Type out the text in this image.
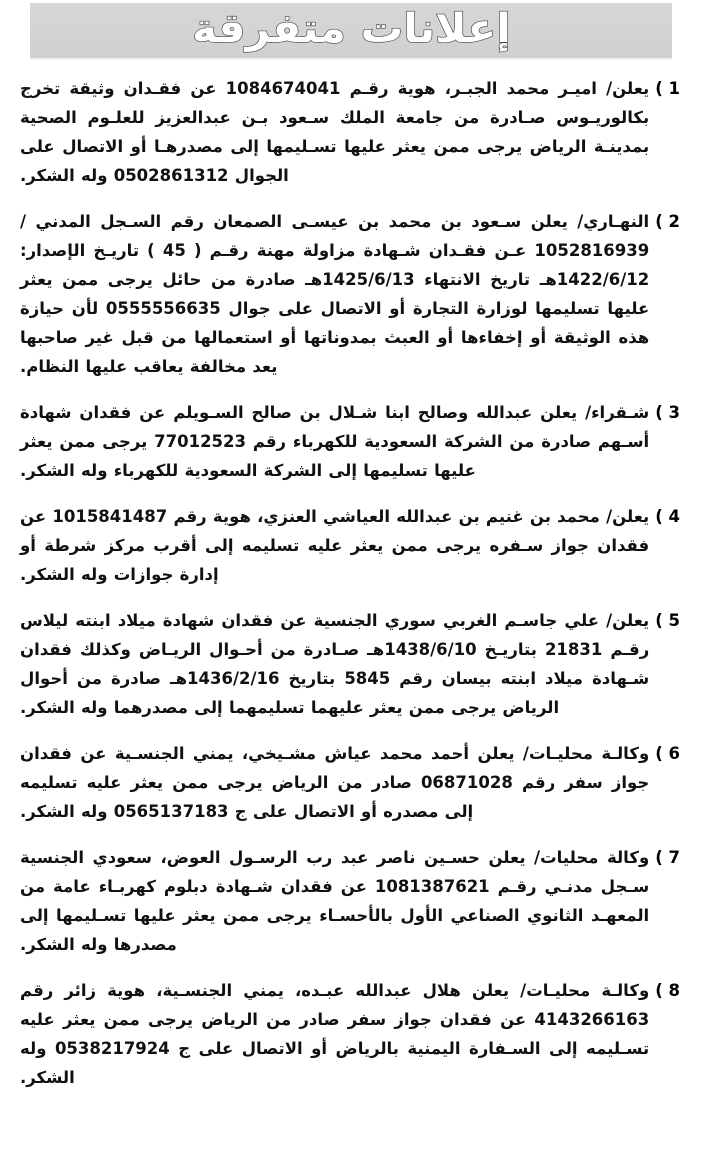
إعلانات متفرقة
1 )
يعلن/ اميـر محمد الجبـر، هوية رقـم 1084674041 عن فقـدان وثيقة تخرج بكالوريـوس صـادرة من جامعة الملك سـعود بـن عبدالعزيز للعلـوم الصحية بمدينـة الرياض يرجى ممن يعثر عليها تسـليمها إلى مصدرهـا أو الاتصال على الجوال 0502861312 وله الشكر.
2 )
النهـاري/ يعلن سـعود بن محمد بن عيسـى الصمعان رقم السـجل المدني / 1052816939 عـن فقـدان شـهادة مزاولة مهنة رقـم ( 45 ) تاريـخ الإصدار: 1422/6/12هـ تاريخ الانتهاء 1425/6/13هـ صادرة من حائل يرجى ممن يعثر عليها تسليمها لوزارة التجارة أو الاتصال على جوال 0555556635 لأن حيازة هذه الوثيقة أو إخفاءها أو العبث بمدوناتها أو استعمالها من قبل غير صاحبها يعد مخالفة يعاقب عليها النظام.
3 )
شـقراء/ يعلن عبدالله وصالح ابنا شـلال بن صالح السـويلم عن فقدان شهادة أسـهم صادرة من الشركة السعودية للكهرباء رقم 77012523 يرجى ممن يعثر عليها تسليمها إلى الشركة السعودية للكهرباء وله الشكر.
4 )
يعلن/ محمد بن غنيم بن عبدالله العياشي العنزي، هوية رقم 1015841487 عن فقدان جواز سـفره يرجى ممن يعثر عليه تسليمه إلى أقرب مركز شرطة أو إدارة جوازات وله الشكر.
5 )
يعلن/ علي جاسـم الغربي سوري الجنسية عن فقدان شهادة ميلاد ابنته ليلاس رقـم 21831 بتاريـخ 1438/6/10هـ صـادرة من أحـوال الريـاض وكذلك فقدان شـهادة ميلاد ابنته بيسان رقم 5845 بتاريخ 1436/2/16هـ صادرة من أحوال الرياض يرجى ممن يعثر عليهما تسليمهما إلى مصدرهما وله الشكر.
6 )
وكالـة محليـات/ يعلن أحمد محمد عياش مشـيخي، يمني الجنسـية عن فقدان جواز سفر رقم 06871028 صادر من الرياض يرجى ممن يعثر عليه تسليمه إلى مصدره أو الاتصال على ج 0565137183 وله الشكر.
7 )
وكالة محليات/ يعلن حسـين ناصر عبد رب الرسـول العوض، سعودي الجنسية سـجل مدنـي رقـم 1081387621 عن فقدان شـهادة دبلوم كهربـاء عامة من المعهـد الثانوي الصناعي الأول بالأحسـاء يرجى ممن يعثر عليها تسـليمها إلى مصدرها وله الشكر.
8 )
وكالـة محليـات/ يعلن هلال عبدالله عبـده، يمني الجنسـية، هوية زائر رقم 4143266163 عن فقدان جواز سفر صادر من الرياض يرجى ممن يعثر عليه تسـليمه إلى السـفارة اليمنية بالرياض أو الاتصال على ج 0538217924 وله الشكر.
